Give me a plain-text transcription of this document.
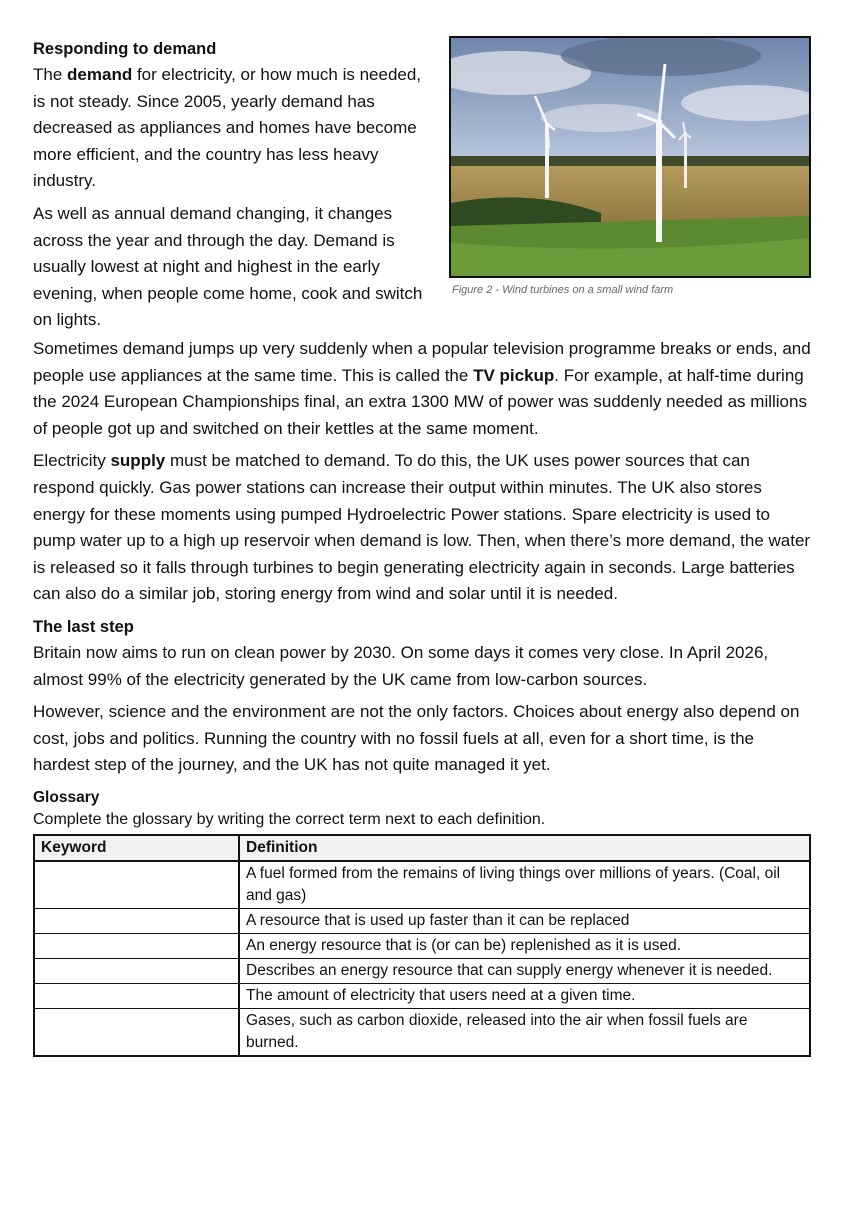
Responding to demand

The demand for electricity, or how much is needed, is not steady. Since 2005, yearly demand has decreased as appliances and homes have become more efficient, and the country has less heavy industry.

As well as annual demand changing, it changes across the year and through the day. Demand is usually lowest at night and highest in the early evening, when people come home, cook and switch on lights.

Figure 2 - Wind turbines on a small wind farm

Sometimes demand jumps up very suddenly when a popular television programme breaks or ends, and people use appliances at the same time. This is called the TV pickup. For example, at half-time during the 2024 European Championships final, an extra 1300 MW of power was suddenly needed as millions of people got up and switched on their kettles at the same moment.

Electricity supply must be matched to demand. To do this, the UK uses power sources that can respond quickly. Gas power stations can increase their output within minutes. The UK also stores energy for these moments using pumped Hydroelectric Power stations. Spare electricity is used to pump water up to a high up reservoir when demand is low. Then, when there’s more demand, the water is released so it falls through turbines to begin generating electricity again in seconds. Large batteries can also do a similar job, storing energy from wind and solar until it is needed.

The last step

Britain now aims to run on clean power by 2030. On some days it comes very close. In April 2026, almost 99% of the electricity generated by the UK came from low-carbon sources.

However, science and the environment are not the only factors. Choices about energy also depend on cost, jobs and politics. Running the country with no fossil fuels at all, even for a short time, is the hardest step of the journey, and the UK has not quite managed it yet.

Glossary
Complete the glossary by writing the correct term next to each definition.
Keyword	Definition
	A fuel formed from the remains of living things over millions of years. (Coal, oil and gas)
	A resource that is used up faster than it can be replaced
	An energy resource that is (or can be) replenished as it is used.
	Describes an energy resource that can supply energy whenever it is needed.
	The amount of electricity that users need at a given time.
	Gases, such as carbon dioxide, released into the air when fossil fuels are burned.
